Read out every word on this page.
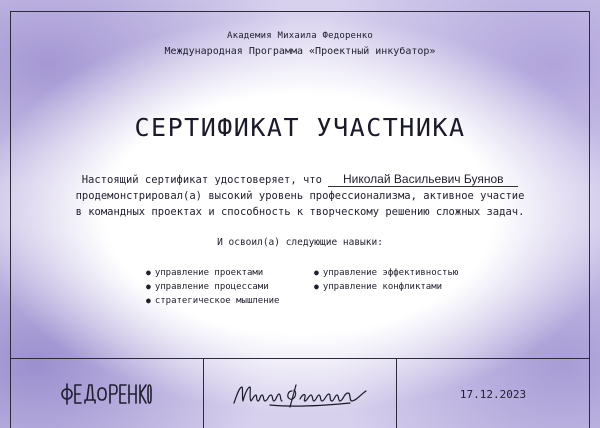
Академия Михаила Федоренко
Международная Программа «Проектный инкубатор»
СЕРТИФИКАТ УЧАСТНИКА
Настоящий сертификат удостоверяет, что Николай Васильевич Буянов
продемонстрировал(а) высокий уровень профессионализма, активное участие
в командных проектах и способность к творческому решению сложных задач.
И освоил(а) следующие навыки:
● управление проектами
● управление процессами
● стратегическое мышление
● управление эффективностью
● управление конфликтами
17.12.2023
